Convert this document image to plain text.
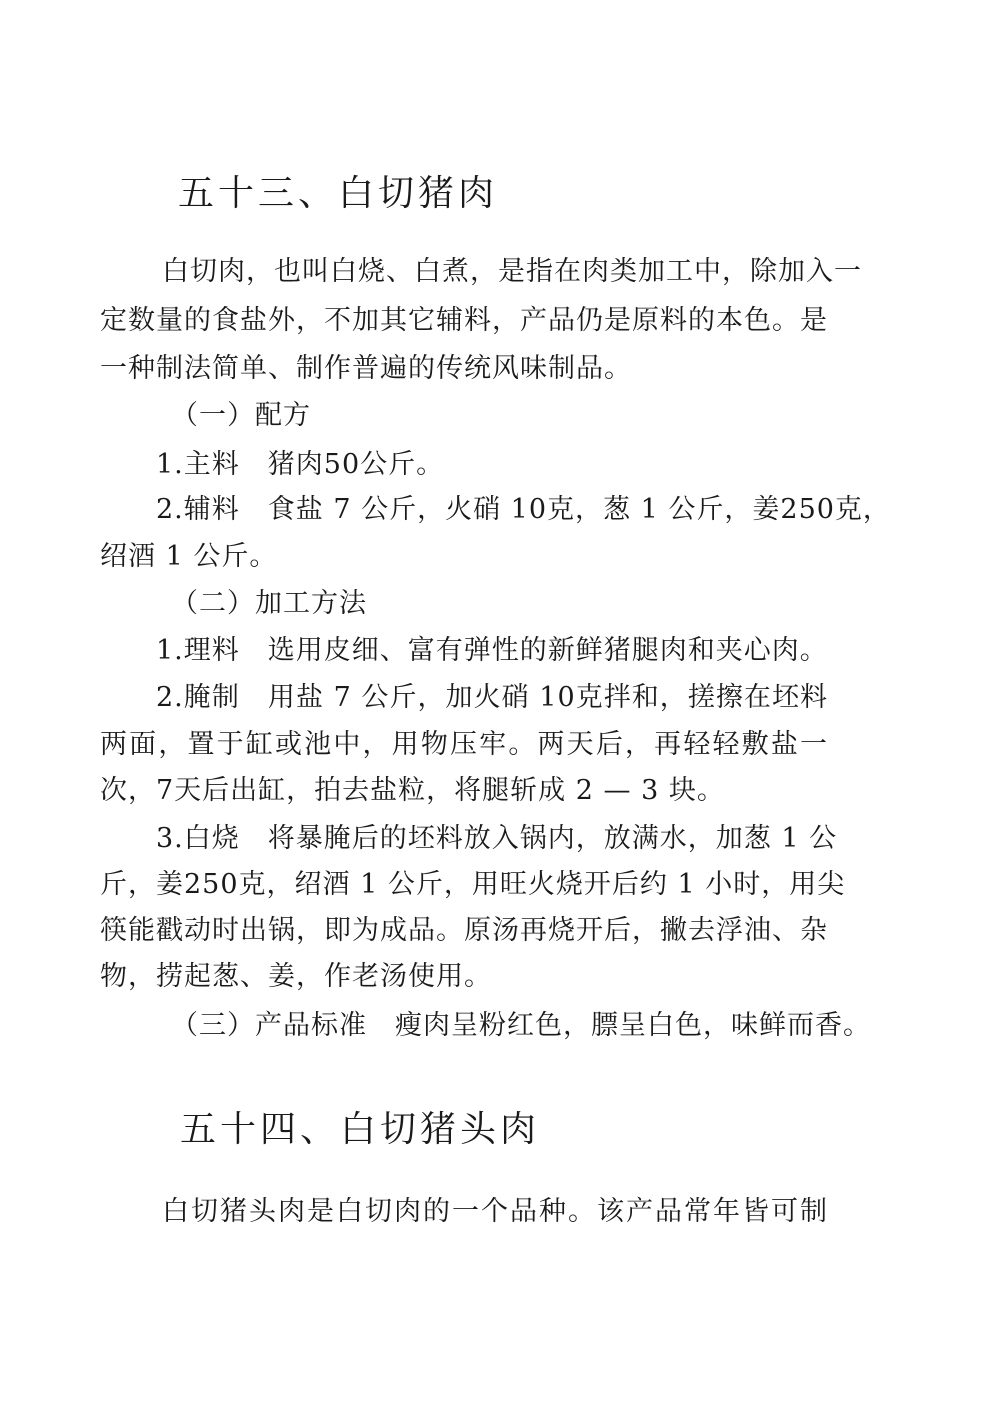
五十三、白切猪肉
白切肉，也叫白烧、白煮，是指在肉类加工中，除加入一
定数量的食盐外，不加其它辅料，产品仍是原料的本色。是
一种制法简单、制作普遍的传统风味制品。
（一）配方
1.主料　猪肉50公斤。
2.辅料　食盐 7 公斤，火硝 10克，葱 1 公斤，姜250克，
绍酒 1 公斤。
（二）加工方法
1.理料　选用皮细、富有弹性的新鲜猪腿肉和夹心肉。
2.腌制　用盐 7 公斤，加火硝 10克拌和，搓擦在坯料
两面，置于缸或池中，用物压牢。两天后，再轻轻敷盐一
次，7天后出缸，拍去盐粒，将腿斩成 2 — 3 块。
3.白烧　将暴腌后的坯料放入锅内，放满水，加葱 1 公
斤，姜250克，绍酒 1 公斤，用旺火烧开后约 1 小时，用尖
筷能戳动时出锅，即为成品。原汤再烧开后，撇去浮油、杂
物，捞起葱、姜，作老汤使用。
（三）产品标准　瘦肉呈粉红色，膘呈白色，味鲜而香。
五十四、白切猪头肉
白切猪头肉是白切肉的一个品种。该产品常年皆可制
